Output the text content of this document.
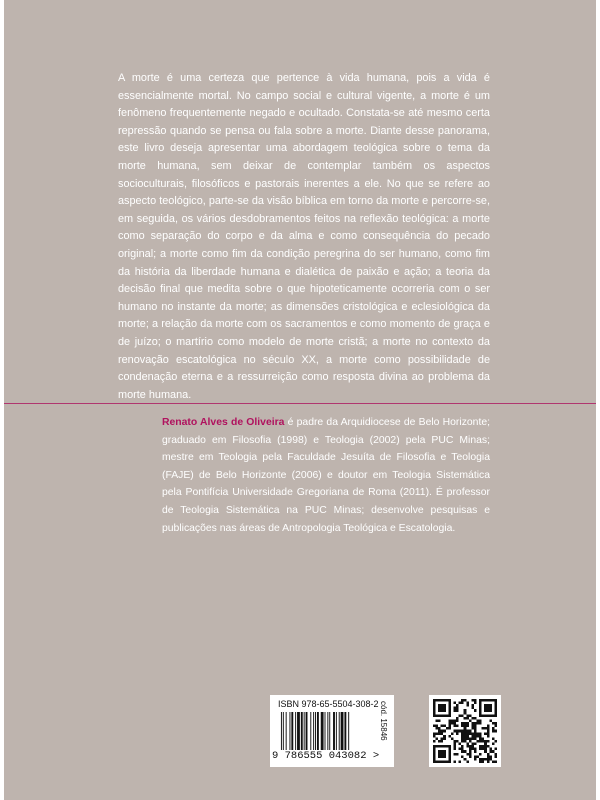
A morte é uma certeza que pertence à vida humana, pois a vida é essencialmente mortal. No campo social e cultural vigente, a morte é um fenômeno frequentemente negado e ocultado. Constata-se até mesmo certa repressão quando se pensa ou fala sobre a morte. Diante desse panorama, este livro deseja apresentar uma abordagem teológica sobre o tema da morte humana, sem deixar de contemplar também os aspectos socioculturais, filosóficos e pastorais inerentes a ele. No que se refere ao aspecto teológico, parte-se da visão bíblica em torno da morte e percorre-se, em seguida, os vários desdobramentos feitos na reflexão teológica: a morte como separação do corpo e da alma e como consequência do pecado original; a morte como fim da condição peregrina do ser humano, como fim da história da liberdade humana e dialética de paixão e ação; a teoria da decisão final que medita sobre o que hipoteticamente ocorreria com o ser humano no instante da morte; as dimensões cristológica e eclesiológica da morte; a relação da morte com os sacramentos e como momento de graça e de juízo; o martírio como modelo de morte cristã; a morte no contexto da renovação escatológica no século XX, a morte como possibilidade de condenação eterna e a ressurreição como resposta divina ao problema da morte humana.

Renato Alves de Oliveira é padre da Arquidiocese de Belo Horizonte; graduado em Filosofia (1998) e Teologia (2002) pela PUC Minas; mestre em Teologia pela Faculdade Jesuíta de Filosofia e Teologia (FAJE) de Belo Horizonte (2006) e doutor em Teologia Sistemática pela Pontifícia Universidade Gregoriana de Roma (2011). É professor de Teologia Sistemática na PUC Minas; desenvolve pesquisas e publicações nas áreas de Antropologia Teológica e Escatologia.

ISBN 978-65-5504-308-2
9 786555 043082 >
cód. 15846
